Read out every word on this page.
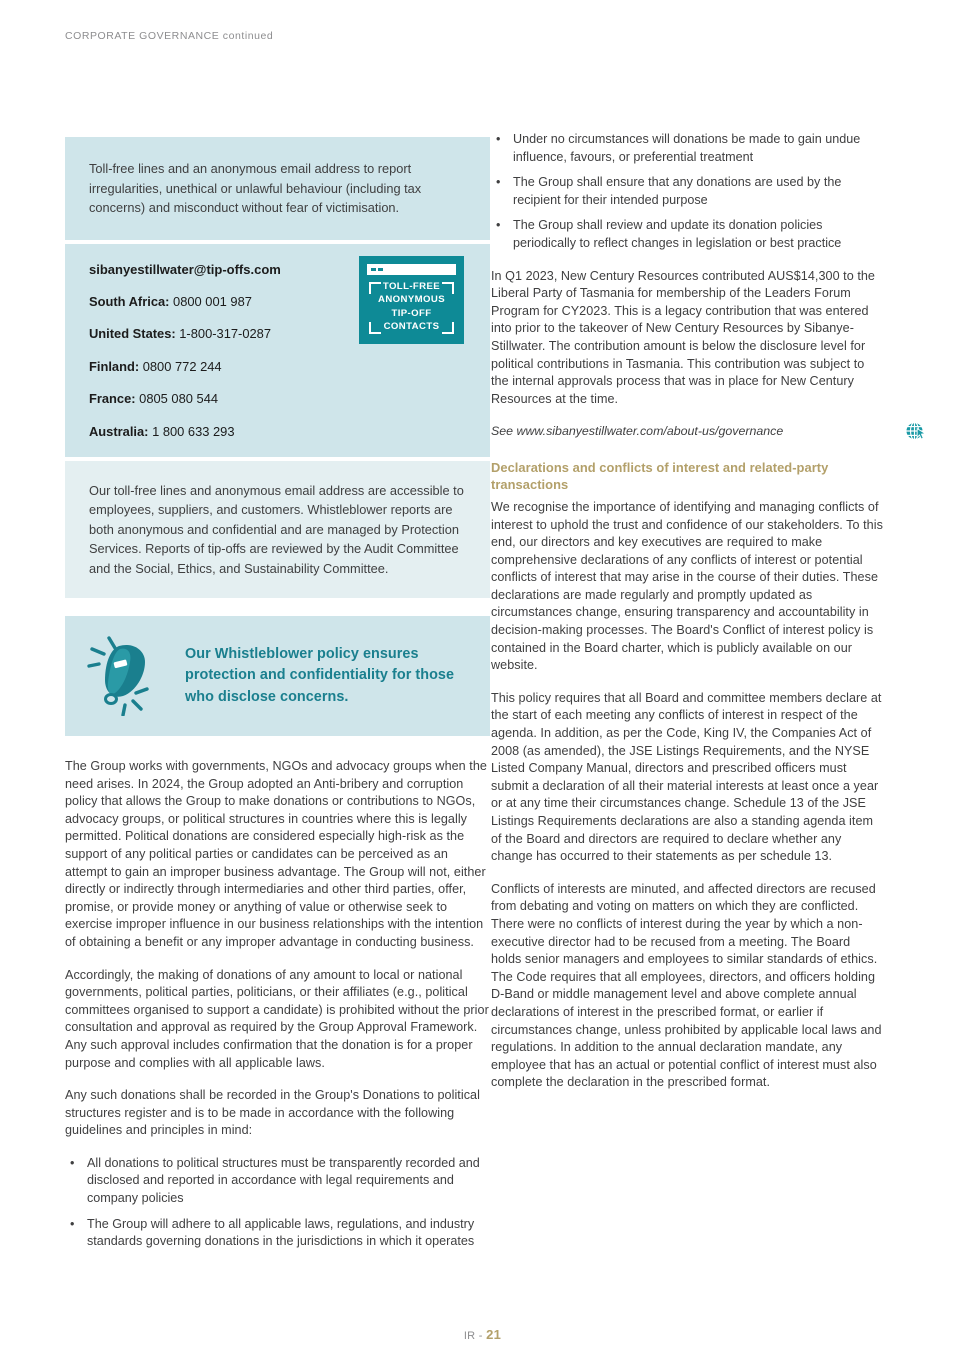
CORPORATE GOVERNANCE continued

Toll-free lines and an anonymous email address to report irregularities, unethical or unlawful behaviour (including tax concerns) and misconduct without fear of victimisation.

sibanyestillwater@tip-offs.com
South Africa: 0800 001 987
United States: 1-800-317-0287
Finland: 0800 772 244
France: 0805 080 544
Australia: 1 800 633 293
TOLL-FREE
ANONYMOUS
TIP-OFF
CONTACTS

Our toll-free lines and anonymous email address are accessible to employees, suppliers, and customers. Whistleblower reports are both anonymous and confidential and are managed by Protection Services. Reports of tip-offs are reviewed by the Audit Committee and the Social, Ethics, and Sustainability Committee.

Our Whistleblower policy ensures protection and confidentiality for those who disclose concerns.

The Group works with governments, NGOs and advocacy groups when the need arises. In 2024, the Group adopted an Anti-bribery and corruption policy that allows the Group to make donations or contributions to NGOs, advocacy groups, or political structures in countries where this is legally permitted. Political donations are considered especially high-risk as the support of any political parties or candidates can be perceived as an attempt to gain an improper business advantage. The Group will not, either directly or indirectly through intermediaries and other third parties, offer, promise, or provide money or anything of value or otherwise seek to exercise improper influence in our business relationships with the intention of obtaining a benefit or any improper advantage in conducting business.

Accordingly, the making of donations of any amount to local or national governments, political parties, politicians, or their affiliates (e.g., political committees organised to support a candidate) is prohibited without the prior consultation and approval as required by the Group Approval Framework. Any such approval includes confirmation that the donation is for a proper purpose and complies with all applicable laws.

Any such donations shall be recorded in the Group's Donations to political structures register and is to be made in accordance with the following guidelines and principles in mind:

• All donations to political structures must be transparently recorded and disclosed and reported in accordance with legal requirements and company policies
• The Group will adhere to all applicable laws, regulations, and industry standards governing donations in the jurisdictions in which it operates
• Under no circumstances will donations be made to gain undue influence, favours, or preferential treatment
• The Group shall ensure that any donations are used by the recipient for their intended purpose
• The Group shall review and update its donation policies periodically to reflect changes in legislation or best practice

In Q1 2023, New Century Resources contributed AUS$14,300 to the Liberal Party of Tasmania for membership of the Leaders Forum Program for CY2023. This is a legacy contribution that was entered into prior to the takeover of New Century Resources by Sibanye-Stillwater. The contribution amount is below the disclosure level for political contributions in Tasmania. This contribution was subject to the internal approvals process that was in place for New Century Resources at the time.

See www.sibanyestillwater.com/about-us/governance

Declarations and conflicts of interest and related-party transactions

We recognise the importance of identifying and managing conflicts of interest to uphold the trust and confidence of our stakeholders. To this end, our directors and key executives are required to make comprehensive declarations of any conflicts of interest or potential conflicts of interest that may arise in the course of their duties. These declarations are made regularly and promptly updated as circumstances change, ensuring transparency and accountability in decision-making processes. The Board's Conflict of interest policy is contained in the Board charter, which is publicly available on our website.

This policy requires that all Board and committee members declare at the start of each meeting any conflicts of interest in respect of the agenda. In addition, as per the Code, King IV, the Companies Act of 2008 (as amended), the JSE Listings Requirements, and the NYSE Listed Company Manual, directors and prescribed officers must submit a declaration of all their material interests at least once a year or at any time their circumstances change. Schedule 13 of the JSE Listings Requirements declarations are also a standing agenda item of the Board and directors are required to declare whether any change has occurred to their statements as per schedule 13.

Conflicts of interests are minuted, and affected directors are recused from debating and voting on matters on which they are conflicted. There were no conflicts of interest during the year by which a non-executive director had to be recused from a meeting. The Board holds senior managers and employees to similar standards of ethics. The Code requires that all employees, directors, and officers holding D-Band or middle management level and above complete annual declarations of interest in the prescribed format, or earlier if circumstances change, unless prohibited by applicable local laws and regulations. In addition to the annual declaration mandate, any employee that has an actual or potential conflict of interest must also complete the declaration in the prescribed format.

IR - 21
